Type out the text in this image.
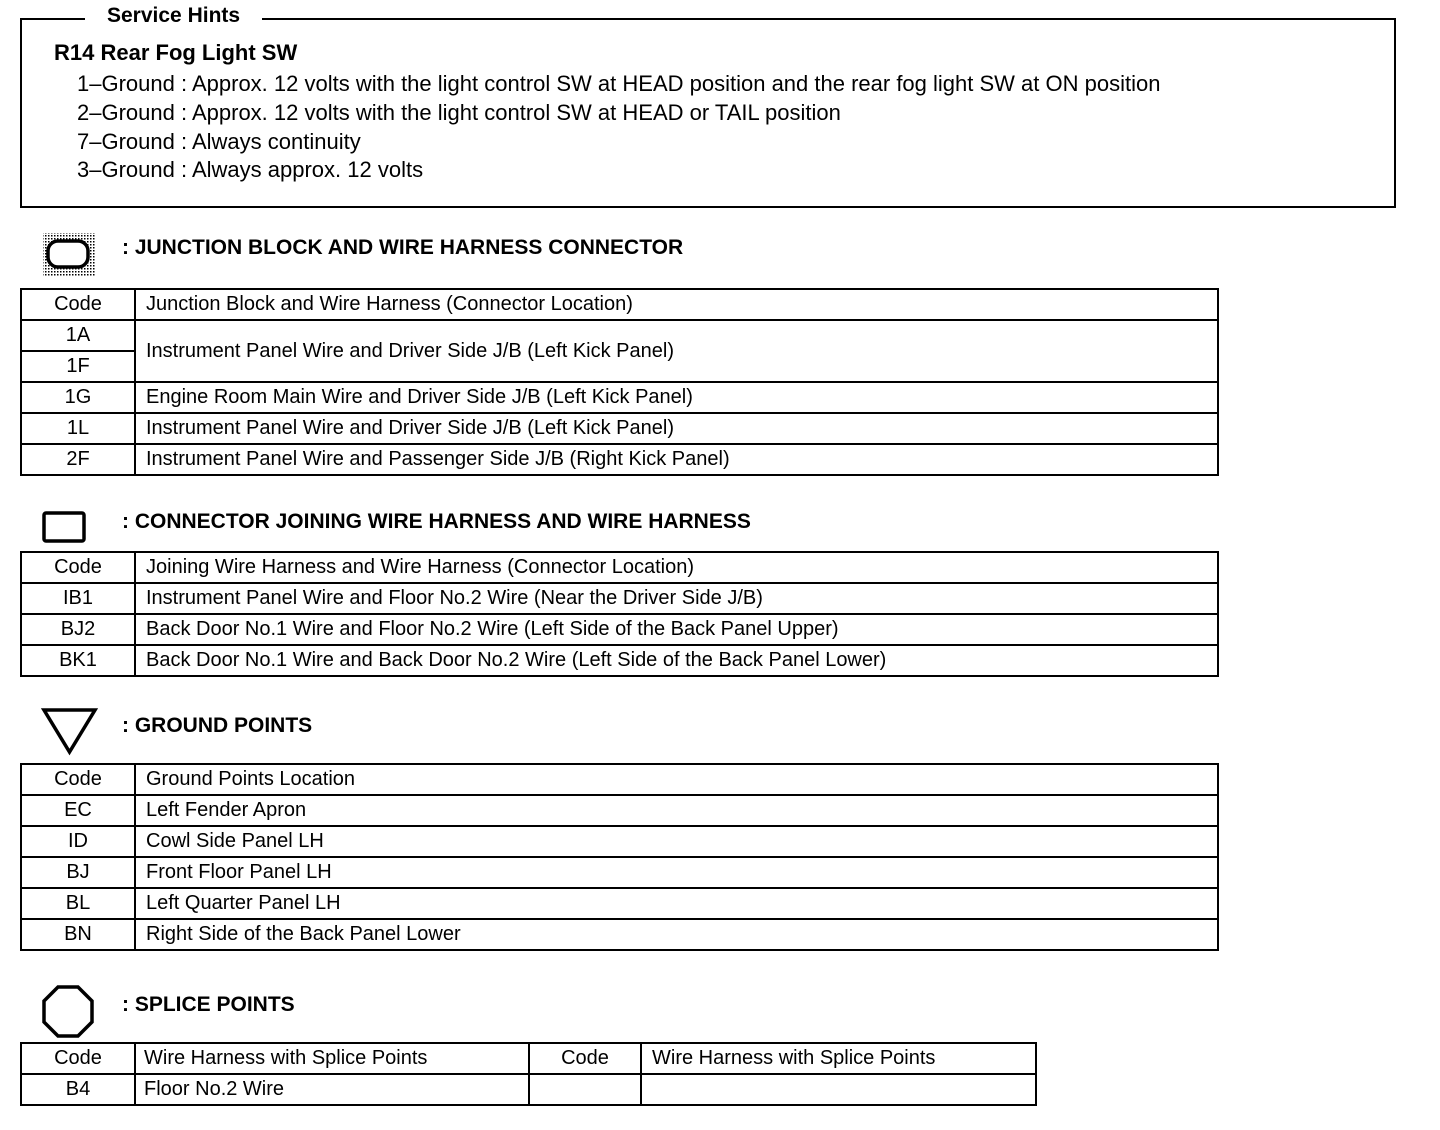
Service Hints
R14 Rear Fog Light SW
1–Ground : Approx. 12 volts with the light control SW at HEAD position and the rear fog light SW at ON position
2–Ground : Approx. 12 volts with the light control SW at HEAD or TAIL position
7–Ground : Always continuity
3–Ground : Always approx. 12 volts
: JUNCTION BLOCK AND WIRE HARNESS CONNECTOR
Code	Junction Block and Wire Harness (Connector Location)
1A	Instrument Panel Wire and Driver Side J/B (Left Kick Panel)
1F	
1G	Engine Room Main Wire and Driver Side J/B (Left Kick Panel)
1L	Instrument Panel Wire and Driver Side J/B (Left Kick Panel)
2F	Instrument Panel Wire and Passenger Side J/B (Right Kick Panel)
: CONNECTOR JOINING WIRE HARNESS AND WIRE HARNESS
Code	Joining Wire Harness and Wire Harness (Connector Location)
IB1	Instrument Panel Wire and Floor No.2 Wire (Near the Driver Side J/B)
BJ2	Back Door No.1 Wire and Floor No.2 Wire (Left Side of the Back Panel Upper)
BK1	Back Door No.1 Wire and Back Door No.2 Wire (Left Side of the Back Panel Lower)
: GROUND POINTS
Code	Ground Points Location
EC	Left Fender Apron
ID	Cowl Side Panel LH
BJ	Front Floor Panel LH
BL	Left Quarter Panel LH
BN	Right Side of the Back Panel Lower
: SPLICE POINTS
Code	Wire Harness with Splice Points	Code	Wire Harness with Splice Points
B4	Floor No.2 Wire		
